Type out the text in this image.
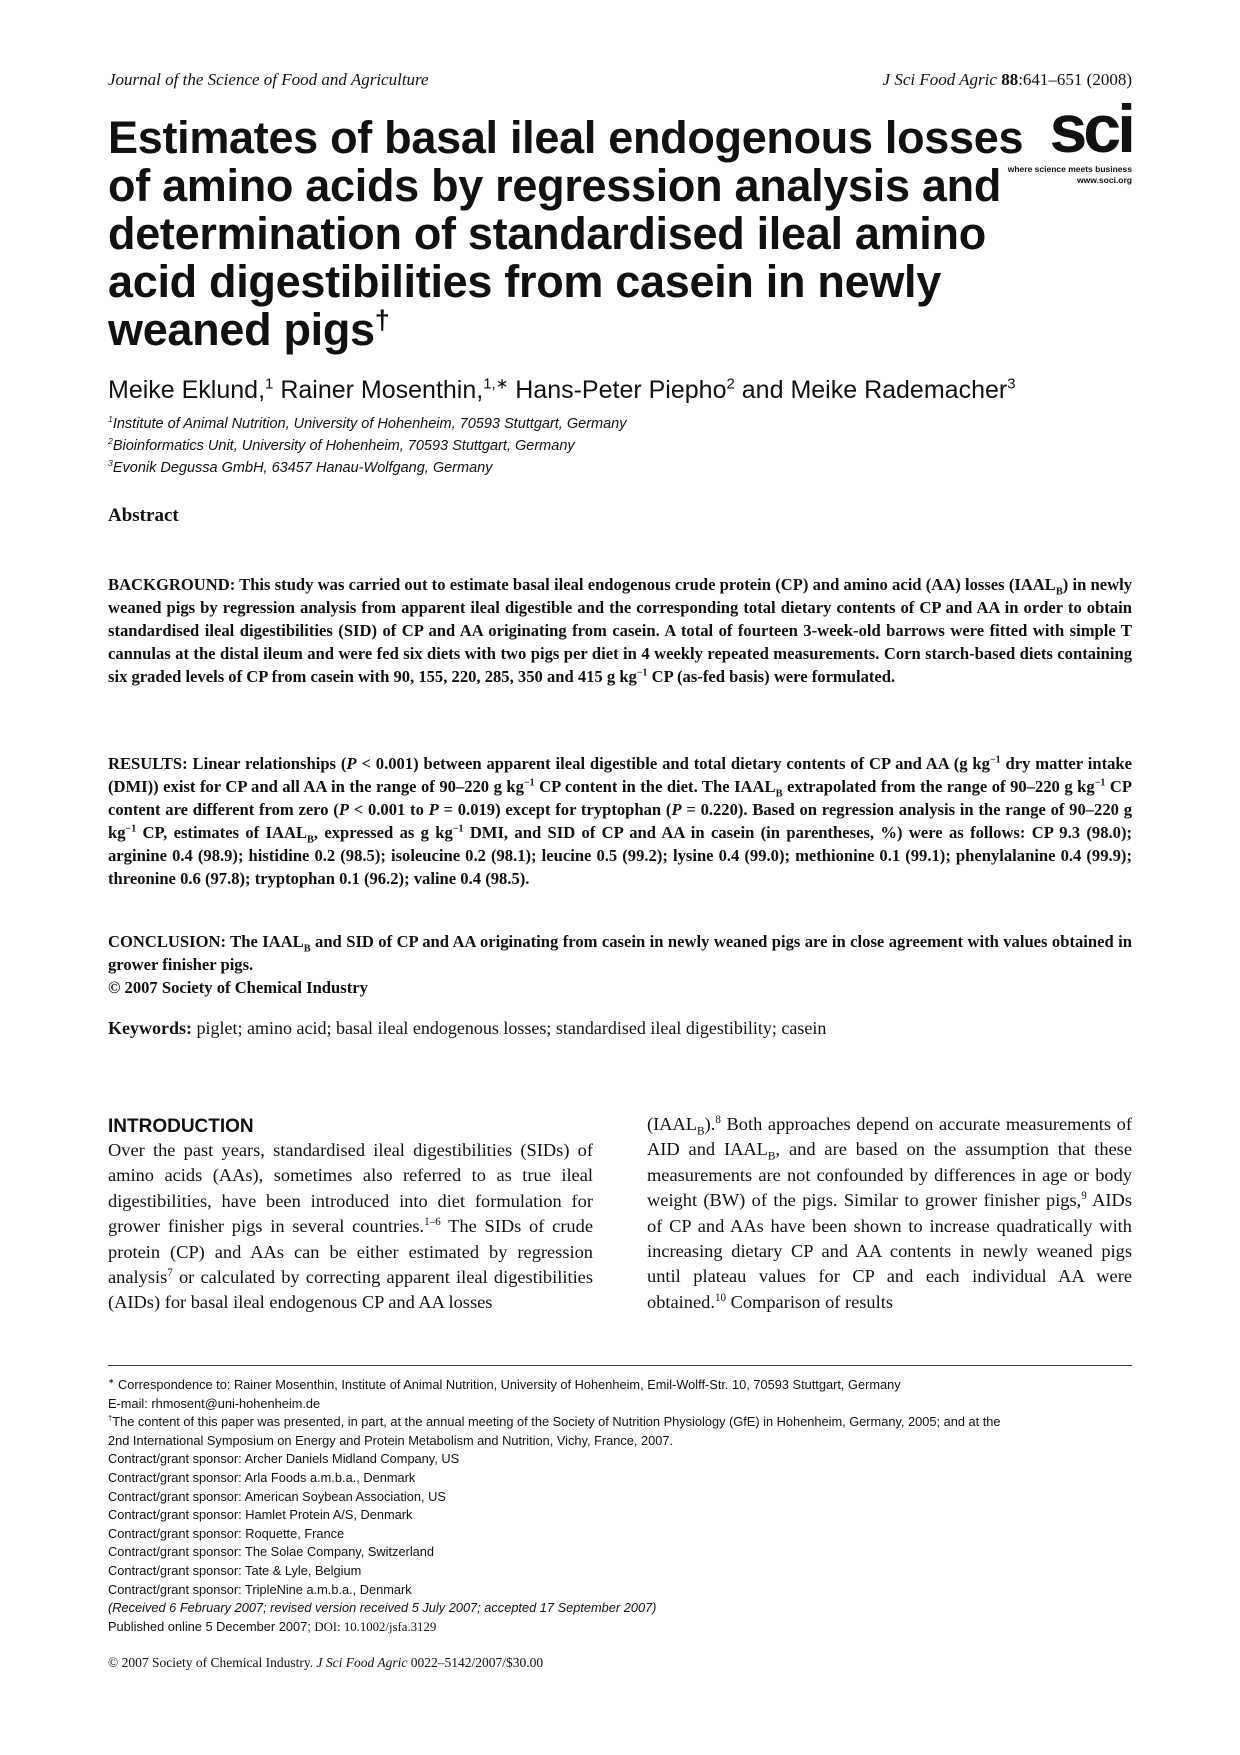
Journal of the Science of Food and Agriculture	J Sci Food Agric 88:641–651 (2008)
sci
where science meets business
www.soci.org
Estimates of basal ileal endogenous losses of amino acids by regression analysis and determination of standardised ileal amino acid digestibilities from casein in newly weaned pigs†
Meike Eklund,$^1$ Rainer Mosenthin,$^{1,∗}$ Hans-Peter Piepho$^2$ and Meike Rademacher$^3$
$^1$Institute of Animal Nutrition, University of Hohenheim, 70593 Stuttgart, Germany
$^2$Bioinformatics Unit, University of Hohenheim, 70593 Stuttgart, Germany
$^3$Evonik Degussa GmbH, 63457 Hanau-Wolfgang, Germany
Abstract
BACKGROUND: This study was carried out to estimate basal ileal endogenous crude protein (CP) and amino acid (AA) losses $(IAAL_B)$ in newly weaned pigs by regression analysis from apparent ileal digestible and the corresponding total dietary contents of CP and AA in order to obtain standardised ileal digestibilities (SID) of CP and AA originating from casein. A total of fourteen 3-week-old barrows were fitted with simple T cannulas at the distal ileum and were fed six diets with two pigs per diet in 4 weekly repeated measurements. Corn starch-based diets containing six graded levels of CP from casein with 90, 155, 220, 285, 350 and 415 g $kg^{-1}$ CP (as-fed basis) were formulated.
RESULTS: Linear relationships (P < 0.001) between apparent ileal digestible and total dietary contents of CP and AA (g $kg^{-1}$ dry matter intake (DMI)) exist for CP and all AA in the range of 90–220 g $kg^{-1}$ CP content in the diet. The $IAAL_B$ extrapolated from the range of 90–220 g $kg^{-1}$ CP content are different from zero (P < 0.001 to P = 0.019) except for tryptophan (P = 0.220). Based on regression analysis in the range of 90–220 g $kg^{-1}$ CP, estimates of $IAAL_B$, expressed as g $kg^{-1}$ DMI, and SID of CP and AA in casein (in parentheses, %) were as follows: CP 9.3 (98.0); arginine 0.4 (98.9); histidine 0.2 (98.5); isoleucine 0.2 (98.1); leucine 0.5 (99.2); lysine 0.4 (99.0); methionine 0.1 (99.1); phenylalanine 0.4 (99.9); threonine 0.6 (97.8); tryptophan 0.1 (96.2); valine 0.4 (98.5).
CONCLUSION: The $IAAL_B$ and SID of CP and AA originating from casein in newly weaned pigs are in close agreement with values obtained in grower finisher pigs.
© 2007 Society of Chemical Industry
Keywords: piglet; amino acid; basal ileal endogenous losses; standardised ileal digestibility; casein
INTRODUCTION
Over the past years, standardised ileal digestibilities (SIDs) of amino acids (AAs), sometimes also referred to as true ileal digestibilities, have been introduced into diet formulation for grower finisher pigs in several countries.$^{1-6}$ The SIDs of crude protein (CP) and AAs can be either estimated by regression analysis$^7$ or calculated by correcting apparent ileal digestibilities (AIDs) for basal ileal endogenous CP and AA losses
$(IAAL_B).^8$ Both approaches depend on accurate measurements of AID and $IAAL_B$, and are based on the assumption that these measurements are not confounded by differences in age or body weight (BW) of the pigs. Similar to grower finisher pigs,$^9$ AIDs of CP and AAs have been shown to increase quadratically with increasing dietary CP and AA contents in newly weaned pigs until plateau values for CP and each individual AA were obtained.$^{10}$ Comparison of results
∗ Correspondence to: Rainer Mosenthin, Institute of Animal Nutrition, University of Hohenheim, Emil-Wolff-Str. 10, 70593 Stuttgart, Germany
E-mail: rhmosent@uni-hohenheim.de
†The content of this paper was presented, in part, at the annual meeting of the Society of Nutrition Physiology (GfE) in Hohenheim, Germany, 2005; and at the
2nd International Symposium on Energy and Protein Metabolism and Nutrition, Vichy, France, 2007.
Contract/grant sponsor: Archer Daniels Midland Company, US
Contract/grant sponsor: Arla Foods a.m.b.a., Denmark
Contract/grant sponsor: American Soybean Association, US
Contract/grant sponsor: Hamlet Protein A/S, Denmark
Contract/grant sponsor: Roquette, France
Contract/grant sponsor: The Solae Company, Switzerland
Contract/grant sponsor: Tate & Lyle, Belgium
Contract/grant sponsor: TripleNine a.m.b.a., Denmark
(Received 6 February 2007; revised version received 5 July 2007; accepted 17 September 2007)
Published online 5 December 2007; DOI: 10.1002/jsfa.3129
© 2007 Society of Chemical Industry. J Sci Food Agric 0022–5142/2007/$30.00
